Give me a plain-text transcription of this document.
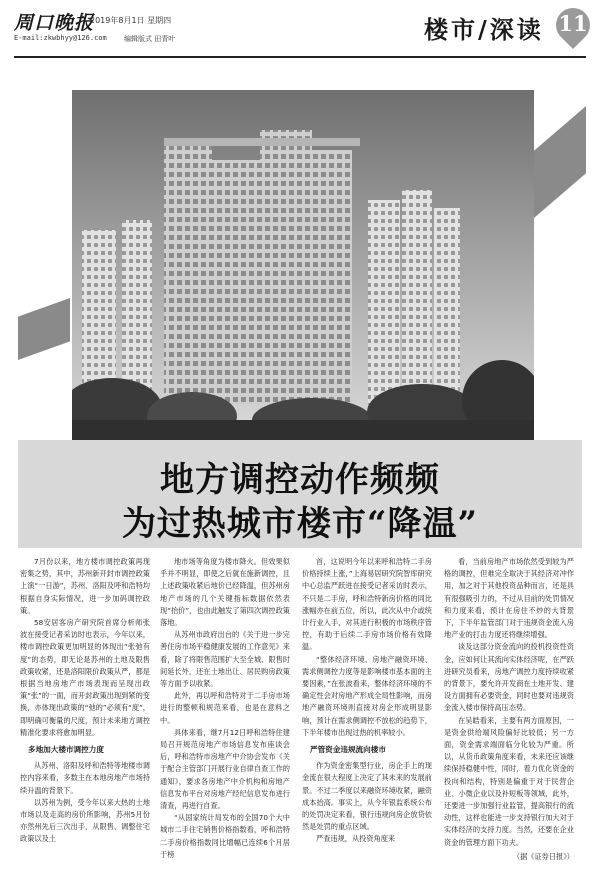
周口晚报
2019年8月1日 星期四
E-mail:zkwbhyy@126.com 编辑版式 田青叶	楼市/深读 11
地方调控动作频频
为过热城市楼市“降温”

7月份以来，地方楼市调控政策再现密集之势，其中，苏州新开封市调控政策上演“一日游”，苏州、洛阳及呼和浩特均根据自身实际情况，进一步加码调控政策。

58安居客房产研究院首席分析师张波在接受记者采访时也表示，今年以来，楼市调控政策更加明显的体现出“张弛有度”的态势，即无论是苏州的土地及限售政策收紧，还是洛阳限价政策从严，都是根据当地房地产市场表现而呈现出政策“张”的一面，而开封政策出现到紧的变换，亦体现出政策的“弛的”必须有“度”，即明确可衡量的尺度，预计未来地方调控精准化要求将愈加明显。

多地加大楼市调控力度

从苏州、洛阳及呼和浩特等地楼市调控内容来看，多数主在本地房地产市场持续升温的背景下。

以苏州为例，受今年以来大热的土地市场以及走高的房价所影响，苏州5月份亦然州先后三次出手，从限售、调整住宅政策以及土

地市场等角度为楼市降火。但效果似乎并不明显，即使之后就在施新调控，且上述政策收紧后地价已经降温，但苏州房地产市场的几个关键指标数据依然表现“抬价”，也由此触发了第四次调控政策落地。

从苏州市政府出台的《关于进一步完善住房市场平稳健康发展的工作意见》来看，除了将限售范围扩大至全城、限售时间延长外，还在土地出让、居民购房政策等方面予以收紧。

此外，再以呼和浩特对于二手房市场进行的整顿和规范来看，也是在意料之中。

具体来看，继7月12日呼和浩特住建局召开规范房地产市场信息发布座谈会后，呼和浩特市房地产中介协会发布《关于配合主管部门开展行业自律自查工作的通知》，要求各房地产中介机构和房地产信息发布平台对房地产经纪信息发布进行清查，再进行自查。

“从国家统计局发布的全国70个大中城市二手住宅销售价格指数看，呼和浩特二手房价格指数同比增幅已连续6个月居于榜

首，这说明今年以来呼和浩特二手房价格持续上涨，”上海易居研究院智库研究中心总监严跃进在接受记者采访时表示，不只是二手房，呼和浩特新房价格的同比涨幅亦在前五位，所以，此次从中介或统计行业入手，对其进行积极的市场秩序管控，有助于后续二手房市场价格有效降温。

“整体经济环境、房地产融资环境、需求侧调控力度等是影响楼市基本面的主要因素，”在张波看来，整体经济环境的不确定性会对房地产形成全局性影响，而房地产融资环境则直接对房企形成明显影响，预计在需求侧调控不放松的趋势下，下半年楼市出现过热的机率较小。

严管资金违规流向楼市

作为资金密集型行业，房企手上的现金流在很大程度上决定了其未来的发展前景。不过二季度以来融资环境收紧，融资成本抬高。事实上，从今年银监系统公布的处罚决定来看，银行违规向房企放贷依然是处罚的重点区域。

严查违规，从投资角度来

看，当前房地产市场依然受到较为严格的调控，但难完全取决于其经济对冲作用，加之对于其他投资品种而言，还是具有很强吸引力的，不过从目前的处罚情况和力度来看，预计在房住不炒的大背景下，下半年监管部门对于违规资金流入房地产业的打击力度还将继续增强。

谈及这部分资金流向的投机投资性资金，应如何让其流向实体经济呢，在严跃进研究员看来，房地产调控力度持续收紧的背景下，要允许开发商在土地开发、建设方面拥有必要资金，同时也要对违规资金流入楼市保持高压态势。

在吴皓看来，主要有两方面原因，一是资金供给端风险偏好比较低；另一方面，资金需求端面临分化较为严重。所以，从货币政策角度来看，未来还应该继续保持稳健中性，同时，着力优化资金的投向和结构，特别是偏重于对于民营企业、小微企业以及补短板等领域，此外，还要进一步加强行业监管，提高银行的流动性，这样也能进一步支持银行加大对于实体经济的支持力度。当然，还要在企业资金的管理方面下功夫。

（据《证券日报》）
